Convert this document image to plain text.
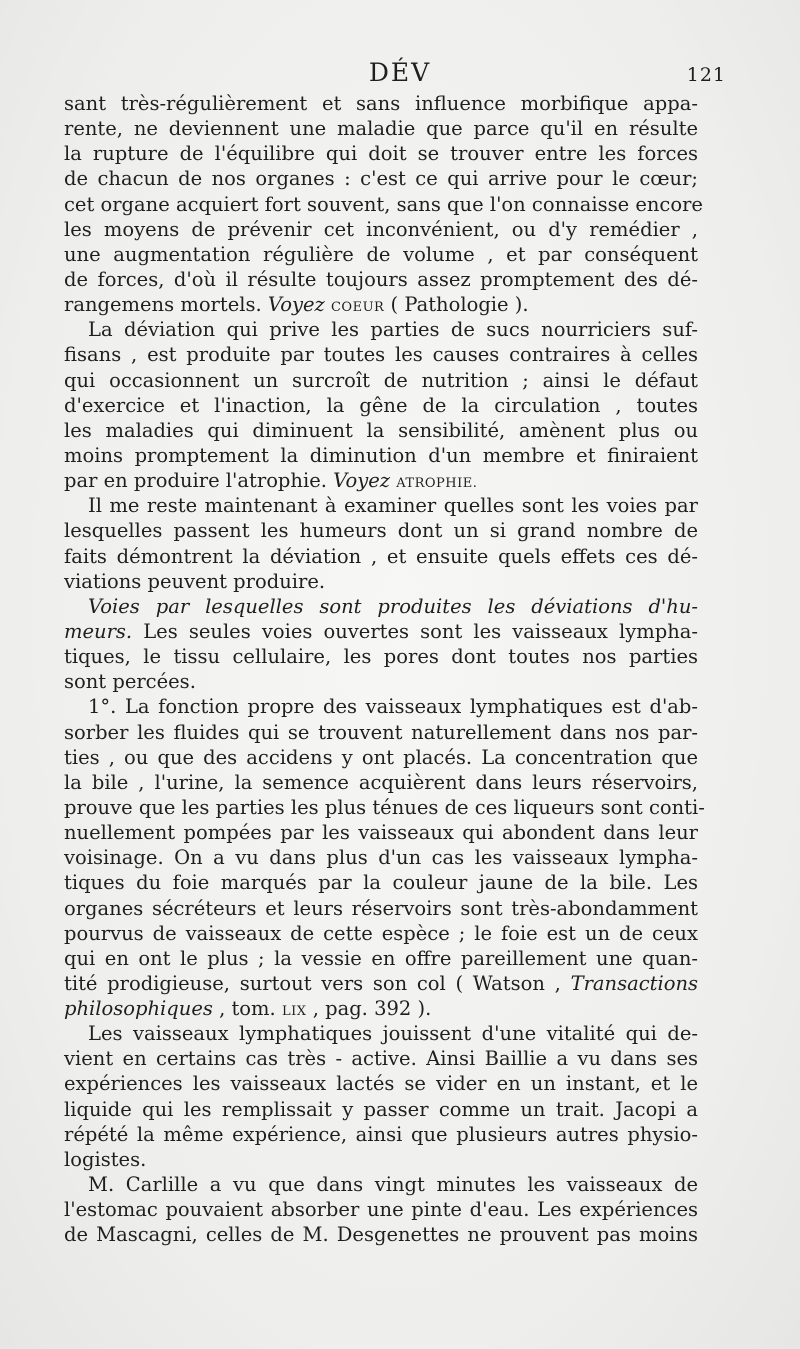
DÉV	121
sant très-régulièrement et sans influence morbifique appa-
rente, ne deviennent une maladie que parce qu'il en résulte
la rupture de l'équilibre qui doit se trouver entre les forces
de chacun de nos organes : c'est ce qui arrive pour le cœur;
cet organe acquiert fort souvent, sans que l'on connaisse encore
les moyens de prévenir cet inconvénient, ou d'y remédier ,
une augmentation régulière de volume , et par conséquent
de forces, d'où il résulte toujours assez promptement des dé-
rangemens mortels. Voyez COEUR ( Pathologie ).
La déviation qui prive les parties de sucs nourriciers suf-
fisans , est produite par toutes les causes contraires à celles
qui occasionnent un surcroît de nutrition ; ainsi le défaut
d'exercice et l'inaction, la gêne de la circulation , toutes
les maladies qui diminuent la sensibilité, amènent plus ou
moins promptement la diminution d'un membre et finiraient
par en produire l'atrophie. Voyez ATROPHIE.
Il me reste maintenant à examiner quelles sont les voies par
lesquelles passent les humeurs dont un si grand nombre de
faits démontrent la déviation , et ensuite quels effets ces dé-
viations peuvent produire.
Voies par lesquelles sont produites les déviations d'hu-
meurs. Les seules voies ouvertes sont les vaisseaux lympha-
tiques, le tissu cellulaire, les pores dont toutes nos parties
sont percées.
1°. La fonction propre des vaisseaux lymphatiques est d'ab-
sorber les fluides qui se trouvent naturellement dans nos par-
ties , ou que des accidens y ont placés. La concentration que
la bile , l'urine, la semence acquièrent dans leurs réservoirs,
prouve que les parties les plus ténues de ces liqueurs sont conti-
nuellement pompées par les vaisseaux qui abondent dans leur
voisinage. On a vu dans plus d'un cas les vaisseaux lympha-
tiques du foie marqués par la couleur jaune de la bile. Les
organes sécréteurs et leurs réservoirs sont très-abondamment
pourvus de vaisseaux de cette espèce ; le foie est un de ceux
qui en ont le plus ; la vessie en offre pareillement une quan-
tité prodigieuse, surtout vers son col ( Watson , Transactions
philosophiques , tom. LIX , pag. 392 ).
Les vaisseaux lymphatiques jouissent d'une vitalité qui de-
vient en certains cas très - active. Ainsi Baillie a vu dans ses
expériences les vaisseaux lactés se vider en un instant, et le
liquide qui les remplissait y passer comme un trait. Jacopi a
répété la même expérience, ainsi que plusieurs autres physio-
logistes.
M. Carlille a vu que dans vingt minutes les vaisseaux de
l'estomac pouvaient absorber une pinte d'eau. Les expériences
de Mascagni, celles de M. Desgenettes ne prouvent pas moins
